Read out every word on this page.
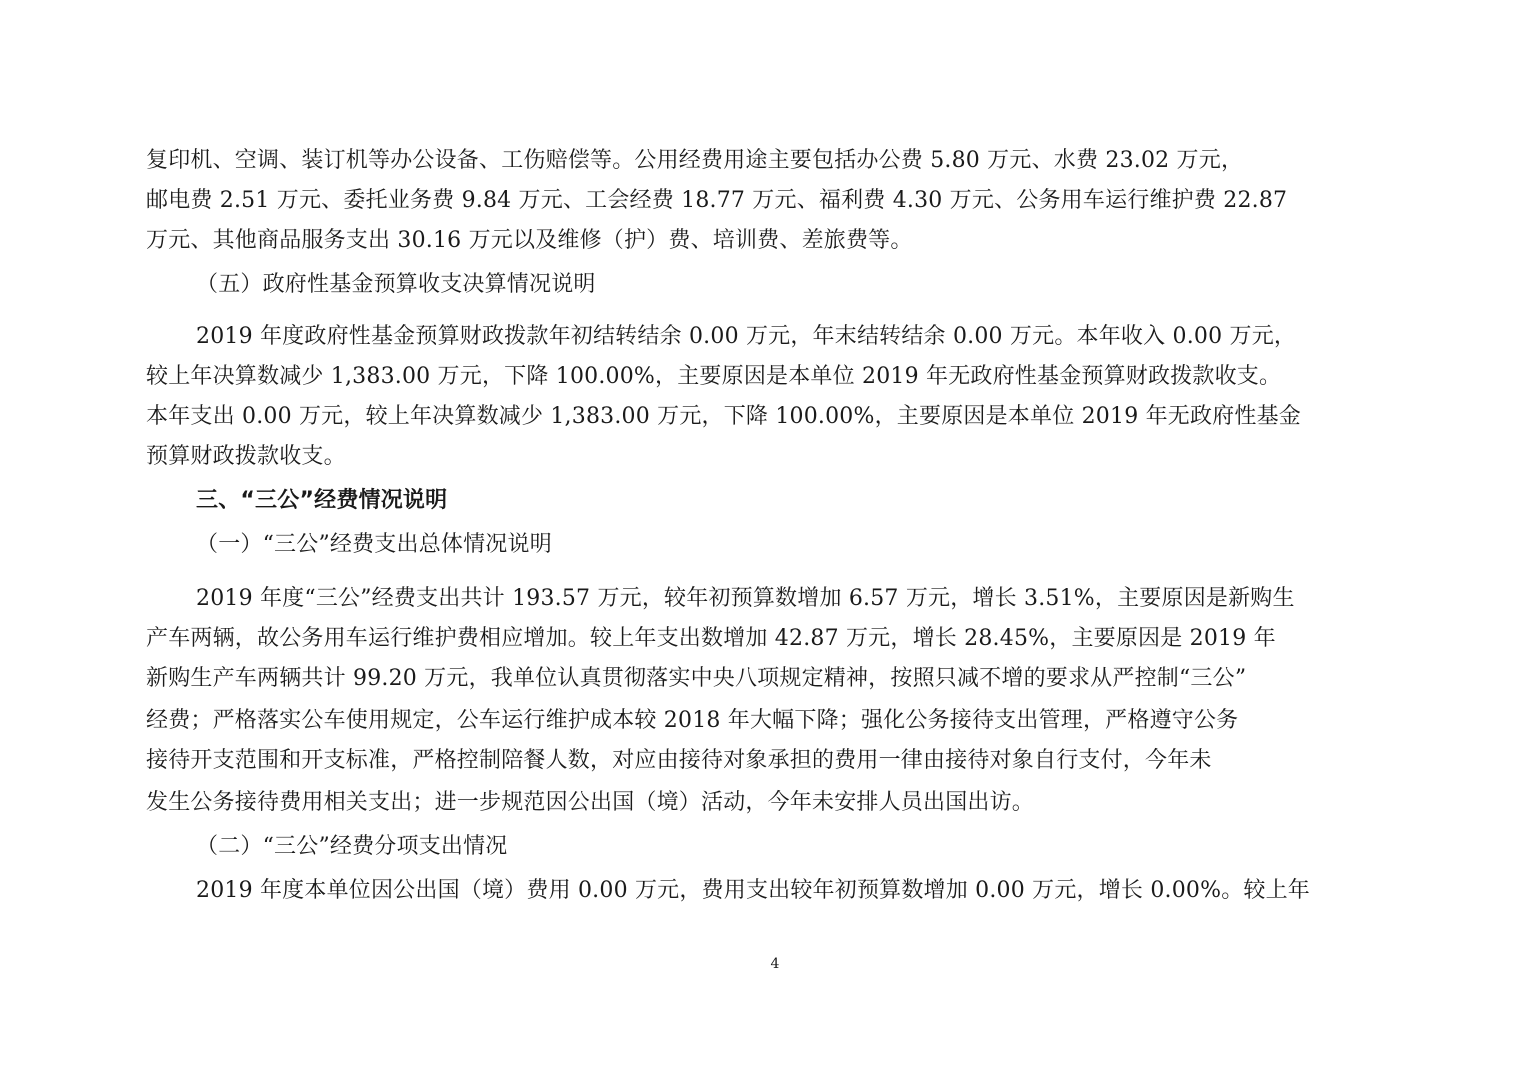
复印机、空调、装订机等办公设备、工伤赔偿等。公用经费用途主要包括办公费 5.80 万元、水费 23.02 万元，
邮电费 2.51 万元、委托业务费 9.84 万元、工会经费 18.77 万元、福利费 4.30 万元、公务用车运行维护费 22.87
万元、其他商品服务支出 30.16 万元以及维修（护）费、培训费、差旅费等。
（五）政府性基金预算收支决算情况说明
2019 年度政府性基金预算财政拨款年初结转结余 0.00 万元，年末结转结余 0.00 万元。本年收入 0.00 万元，
较上年决算数减少 1,383.00 万元，下降 100.00%，主要原因是本单位 2019 年无政府性基金预算财政拨款收支。
本年支出 0.00 万元，较上年决算数减少 1,383.00 万元，下降 100.00%，主要原因是本单位 2019 年无政府性基金
预算财政拨款收支。
三、“三公”经费情况说明
（一）“三公”经费支出总体情况说明
2019 年度“三公”经费支出共计 193.57 万元，较年初预算数增加 6.57 万元，增长 3.51%，主要原因是新购生
产车两辆，故公务用车运行维护费相应增加。较上年支出数增加 42.87 万元，增长 28.45%，主要原因是 2019 年
新购生产车两辆共计 99.20 万元，我单位认真贯彻落实中央八项规定精神，按照只减不增的要求从严控制“三公”
经费；严格落实公车使用规定，公车运行维护成本较 2018 年大幅下降；强化公务接待支出管理，严格遵守公务
接待开支范围和开支标准，严格控制陪餐人数，对应由接待对象承担的费用一律由接待对象自行支付，今年未
发生公务接待费用相关支出；进一步规范因公出国（境）活动，今年未安排人员出国出访。
（二）“三公”经费分项支出情况
2019 年度本单位因公出国（境）费用 0.00 万元，费用支出较年初预算数增加 0.00 万元，增长 0.00%。较上年
4
